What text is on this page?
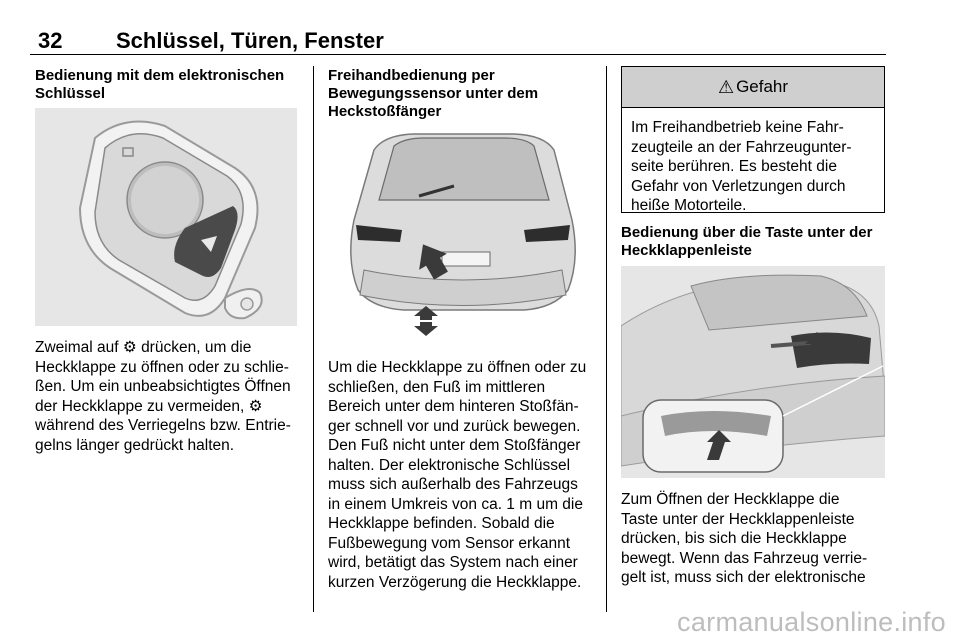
32 Schlüssel, Türen, Fenster

Bedienung mit dem elektronischen Schlüssel

Zweimal auf ⚙ drücken, um die

Heckklappe zu öffnen oder zu schlie-

ßen. Um ein unbeabsichtigtes Öffnen

der Heckklappe zu vermeiden, ⚙

während des Verriegelns bzw. Entrie-

gelns länger gedrückt halten.

Freihandbedienung per Bewegungssensor unter dem Heckstoßfänger

Um die Heckklappe zu öffnen oder zu

schließen, den Fuß im mittleren

Bereich unter dem hinteren Stoßfän-

ger schnell vor und zurück bewegen.

Den Fuß nicht unter dem Stoßfänger

halten. Der elektronische Schlüssel

muss sich außerhalb des Fahrzeugs

in einem Umkreis von ca. 1 m um die

Heckklappe befinden. Sobald die

Fußbewegung vom Sensor erkannt

wird, betätigt das System nach einer

kurzen Verzögerung die Heckklappe.

⚠ Gefahr
Im Freihandbetrieb keine Fahr-
zeugteile an der Fahrzeugunter-
seite berühren. Es besteht die
Gefahr von Verletzungen durch
heiße Motorteile.

Bedienung über die Taste unter der Heckklappenleiste

Zum Öffnen der Heckklappe die

Taste unter der Heckklappenleiste

drücken, bis sich die Heckklappe

bewegt. Wenn das Fahrzeug verrie-

gelt ist, muss sich der elektronische

carmanualsonline.info
